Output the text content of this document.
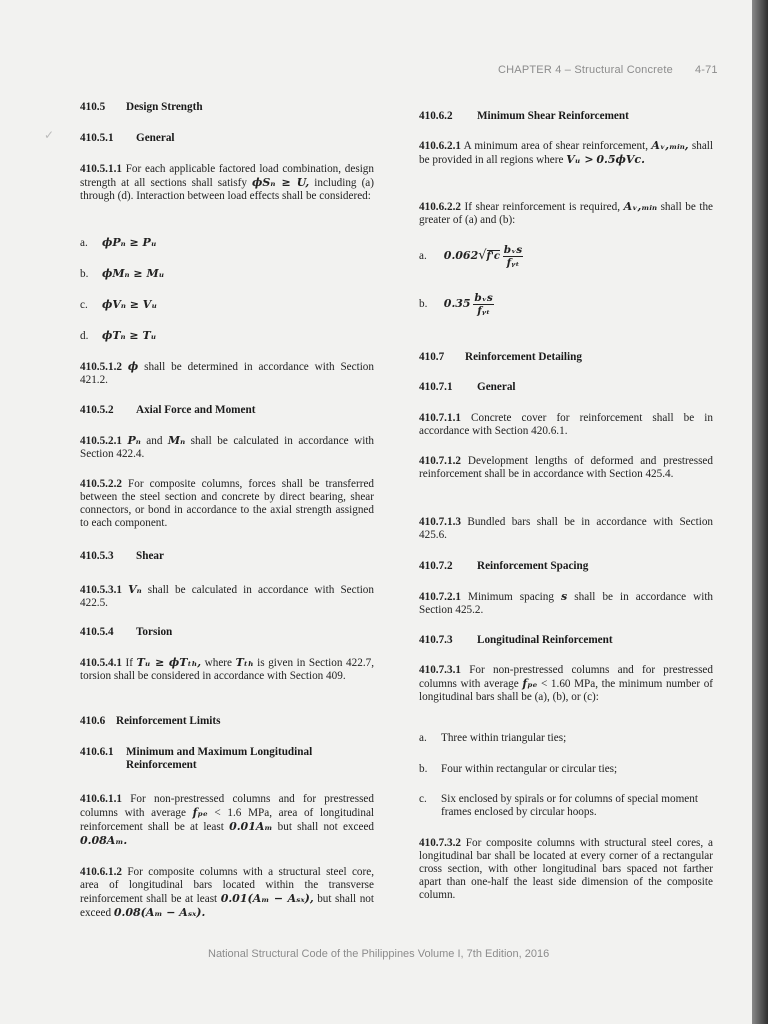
CHAPTER 4 – Structural Concrete 4-71
✓
410.5 Design Strength
410.5.1 General
410.5.1.1 For each applicable factored load combination, design strength at all sections shall satisfy ϕSₙ ≥ U, including (a) through (d). Interaction between load effects shall be considered:
a. ϕPₙ ≥ Pᵤ
b. ϕMₙ ≥ Mᵤ
c. ϕVₙ ≥ Vᵤ
d. ϕTₙ ≥ Tᵤ
410.5.1.2 ϕ shall be determined in accordance with Section 421.2.
410.5.2 Axial Force and Moment
410.5.2.1 Pₙ and Mₙ shall be calculated in accordance with Section 422.4.
410.5.2.2 For composite columns, forces shall be transferred between the steel section and concrete by direct bearing, shear connectors, or bond in accordance to the axial strength assigned to each component.
410.5.3 Shear
410.5.3.1 Vₙ shall be calculated in accordance with Section 422.5.
410.5.4 Torsion
410.5.4.1 If Tᵤ ≥ ϕTₜₕ, where Tₜₕ is given in Section 422.7, torsion shall be considered in accordance with Section 409.
410.6 Reinforcement Limits
410.6.1 Minimum and Maximum Longitudinal Reinforcement
410.6.1.1 For non-prestressed columns and for prestressed columns with average fₚₑ < 1.6 MPa, area of longitudinal reinforcement shall be at least 0.01Aₘ but shall not exceed 0.08Aₘ.
410.6.1.2 For composite columns with a structural steel core, area of longitudinal bars located within the transverse reinforcement shall be at least 0.01(Aₘ − Aₛₓ), but shall not exceed 0.08(Aₘ − Aₛₓ).
410.6.2 Minimum Shear Reinforcement
410.6.2.1 A minimum area of shear reinforcement, Aᵥ,ₘᵢₙ, shall be provided in all regions where Vᵤ > 0.5ϕVc.
410.6.2.2 If shear reinforcement is required, Aᵥ,ₘᵢₙ shall be the greater of (a) and (b):
a. $0.062√f'c \frac{\text{bᵥs}}{\text{fᵧₜ}}$
b. $0.35 \frac{\text{bᵥs}}{\text{fᵧₜ}}$
410.7 Reinforcement Detailing
410.7.1 General
410.7.1.1 Concrete cover for reinforcement shall be in accordance with Section 420.6.1.
410.7.1.2 Development lengths of deformed and prestressed reinforcement shall be in accordance with Section 425.4.
410.7.1.3 Bundled bars shall be in accordance with Section 425.6.
410.7.2 Reinforcement Spacing
410.7.2.1 Minimum spacing s shall be in accordance with Section 425.2.
410.7.3 Longitudinal Reinforcement
410.7.3.1 For non-prestressed columns and for prestressed columns with average fₚₑ < 1.60 MPa, the minimum number of longitudinal bars shall be (a), (b), or (c):
a. Three within triangular ties;
b. Four within rectangular or circular ties;
c.	Six enclosed by spirals or for columns of special moment frames enclosed by circular hoops.
410.7.3.2 For composite columns with structural steel cores, a longitudinal bar shall be located at every corner of a rectangular cross section, with other longitudinal bars spaced not farther apart than one-half the least side dimension of the composite column.
National Structural Code of the Philippines Volume I, 7th Edition, 2016
